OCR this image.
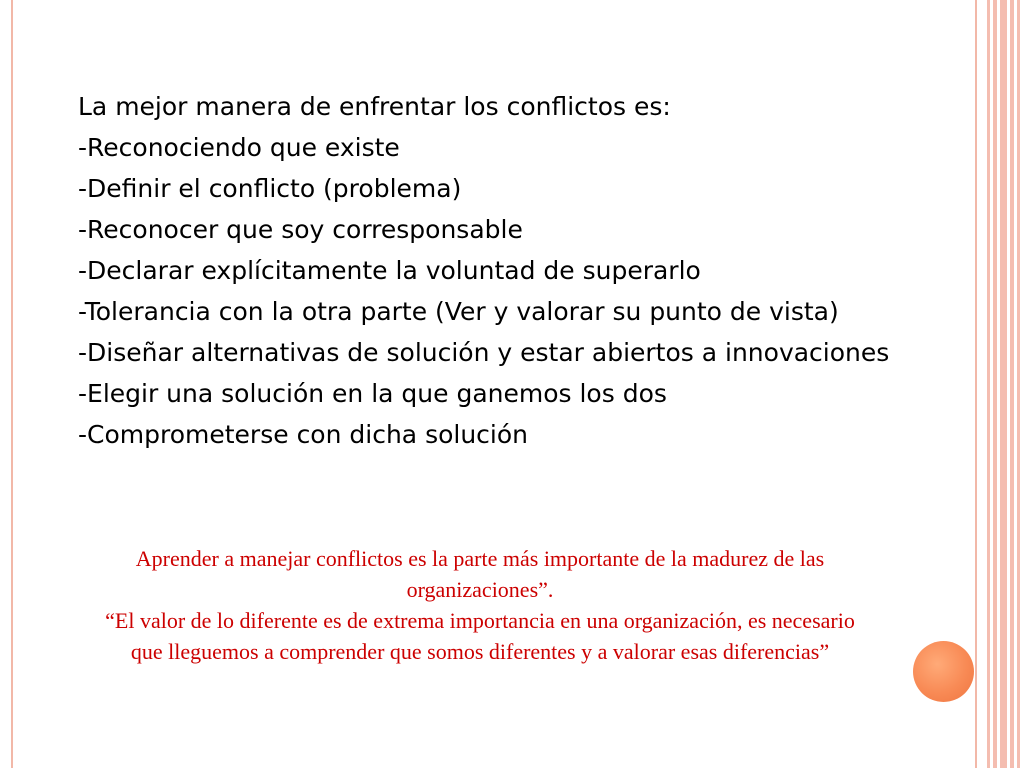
La mejor manera de enfrentar los conflictos es:

-Reconociendo que existe

-Definir el conflicto (problema)

-Reconocer que soy corresponsable

-Declarar explícitamente la voluntad de superarlo

-Tolerancia con la otra parte (Ver y valorar su punto de vista)

-Diseñar alternativas de solución y estar abiertos a innovaciones

-Elegir una solución en la que ganemos los dos

-Comprometerse con dicha solución

Aprender a manejar conflictos es la parte más importante de la madurez de las organizaciones”.

“El valor de lo diferente es de extrema importancia en una organización, es necesario que lleguemos a comprender que somos diferentes y a valorar esas diferencias”
